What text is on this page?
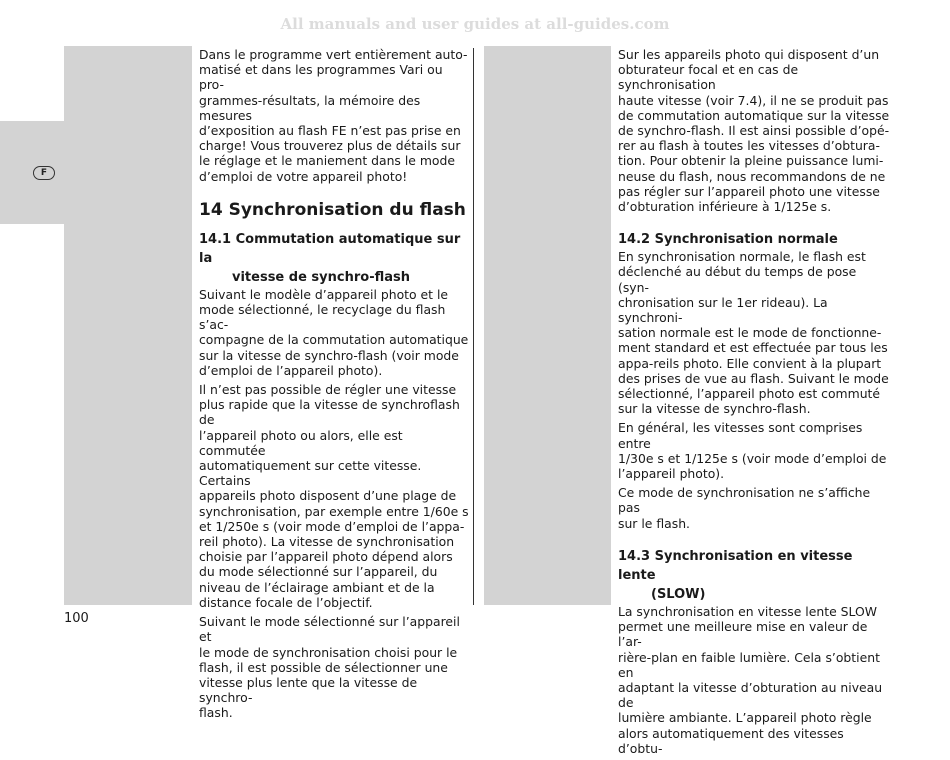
All manuals and user guides at all-guides.com
F

Dans le programme vert entièrement auto-
matisé et dans les programmes Vari ou pro-
grammes-résultats, la mémoire des mesures
d’exposition au flash FE n’est pas prise en
charge! Vous trouverez plus de détails sur
le réglage et le maniement dans le mode
d’emploi de votre appareil photo!

14 Synchronisation du flash
14.1 Commutation automatique sur la
vitesse de synchro-flash

Suivant le modèle d’appareil photo et le
mode sélectionné, le recyclage du flash s’ac-
compagne de la commutation automatique
sur la vitesse de synchro-flash (voir mode
d’emploi de l’appareil photo).

Il n’est pas possible de régler une vitesse
plus rapide que la vitesse de synchroflash de
l’appareil photo ou alors, elle est commutée
automatiquement sur cette vitesse. Certains
appareils photo disposent d’une plage de
synchronisation, par exemple entre 1/60e s
et 1/250e s (voir mode d’emploi de l’appa-
reil photo). La vitesse de synchronisation
choisie par l’appareil photo dépend alors
du mode sélectionné sur l’appareil, du
niveau de l’éclairage ambiant et de la
distance focale de l’objectif.

Suivant le mode sélectionné sur l’appareil et
le mode de synchronisation choisi pour le
flash, il est possible de sélectionner une
vitesse plus lente que la vitesse de synchro-
flash.

Sur les appareils photo qui disposent d’un
obturateur focal et en cas de synchronisation
haute vitesse (voir 7.4), il ne se produit pas
de commutation automatique sur la vitesse
de synchro-flash. Il est ainsi possible d’opé-
rer au flash à toutes les vitesses d’obtura-
tion. Pour obtenir la pleine puissance lumi-
neuse du flash, nous recommandons de ne
pas régler sur l’appareil photo une vitesse
d’obturation inférieure à 1/125e s.

14.2 Synchronisation normale

En synchronisation normale, le flash est
déclenché au début du temps de pose (syn-
chronisation sur le 1er rideau). La synchroni-
sation normale est le mode de fonctionne-
ment standard et est effectuée par tous les
appa-reils photo. Elle convient à la plupart
des prises de vue au flash. Suivant le mode
sélectionné, l’appareil photo est commuté
sur la vitesse de synchro-flash.

En général, les vitesses sont comprises entre
1/30e s et 1/125e s (voir mode d’emploi de
l’appareil photo).

Ce mode de synchronisation ne s’affiche pas
sur le flash.

14.3 Synchronisation en vitesse lente
(SLOW)

La synchronisation en vitesse lente SLOW
permet une meilleure mise en valeur de l’ar-
rière-plan en faible lumière. Cela s’obtient en
adaptant la vitesse d’obturation au niveau de
lumière ambiante. L’appareil photo règle
alors automatiquement des vitesses d’obtu-

100
